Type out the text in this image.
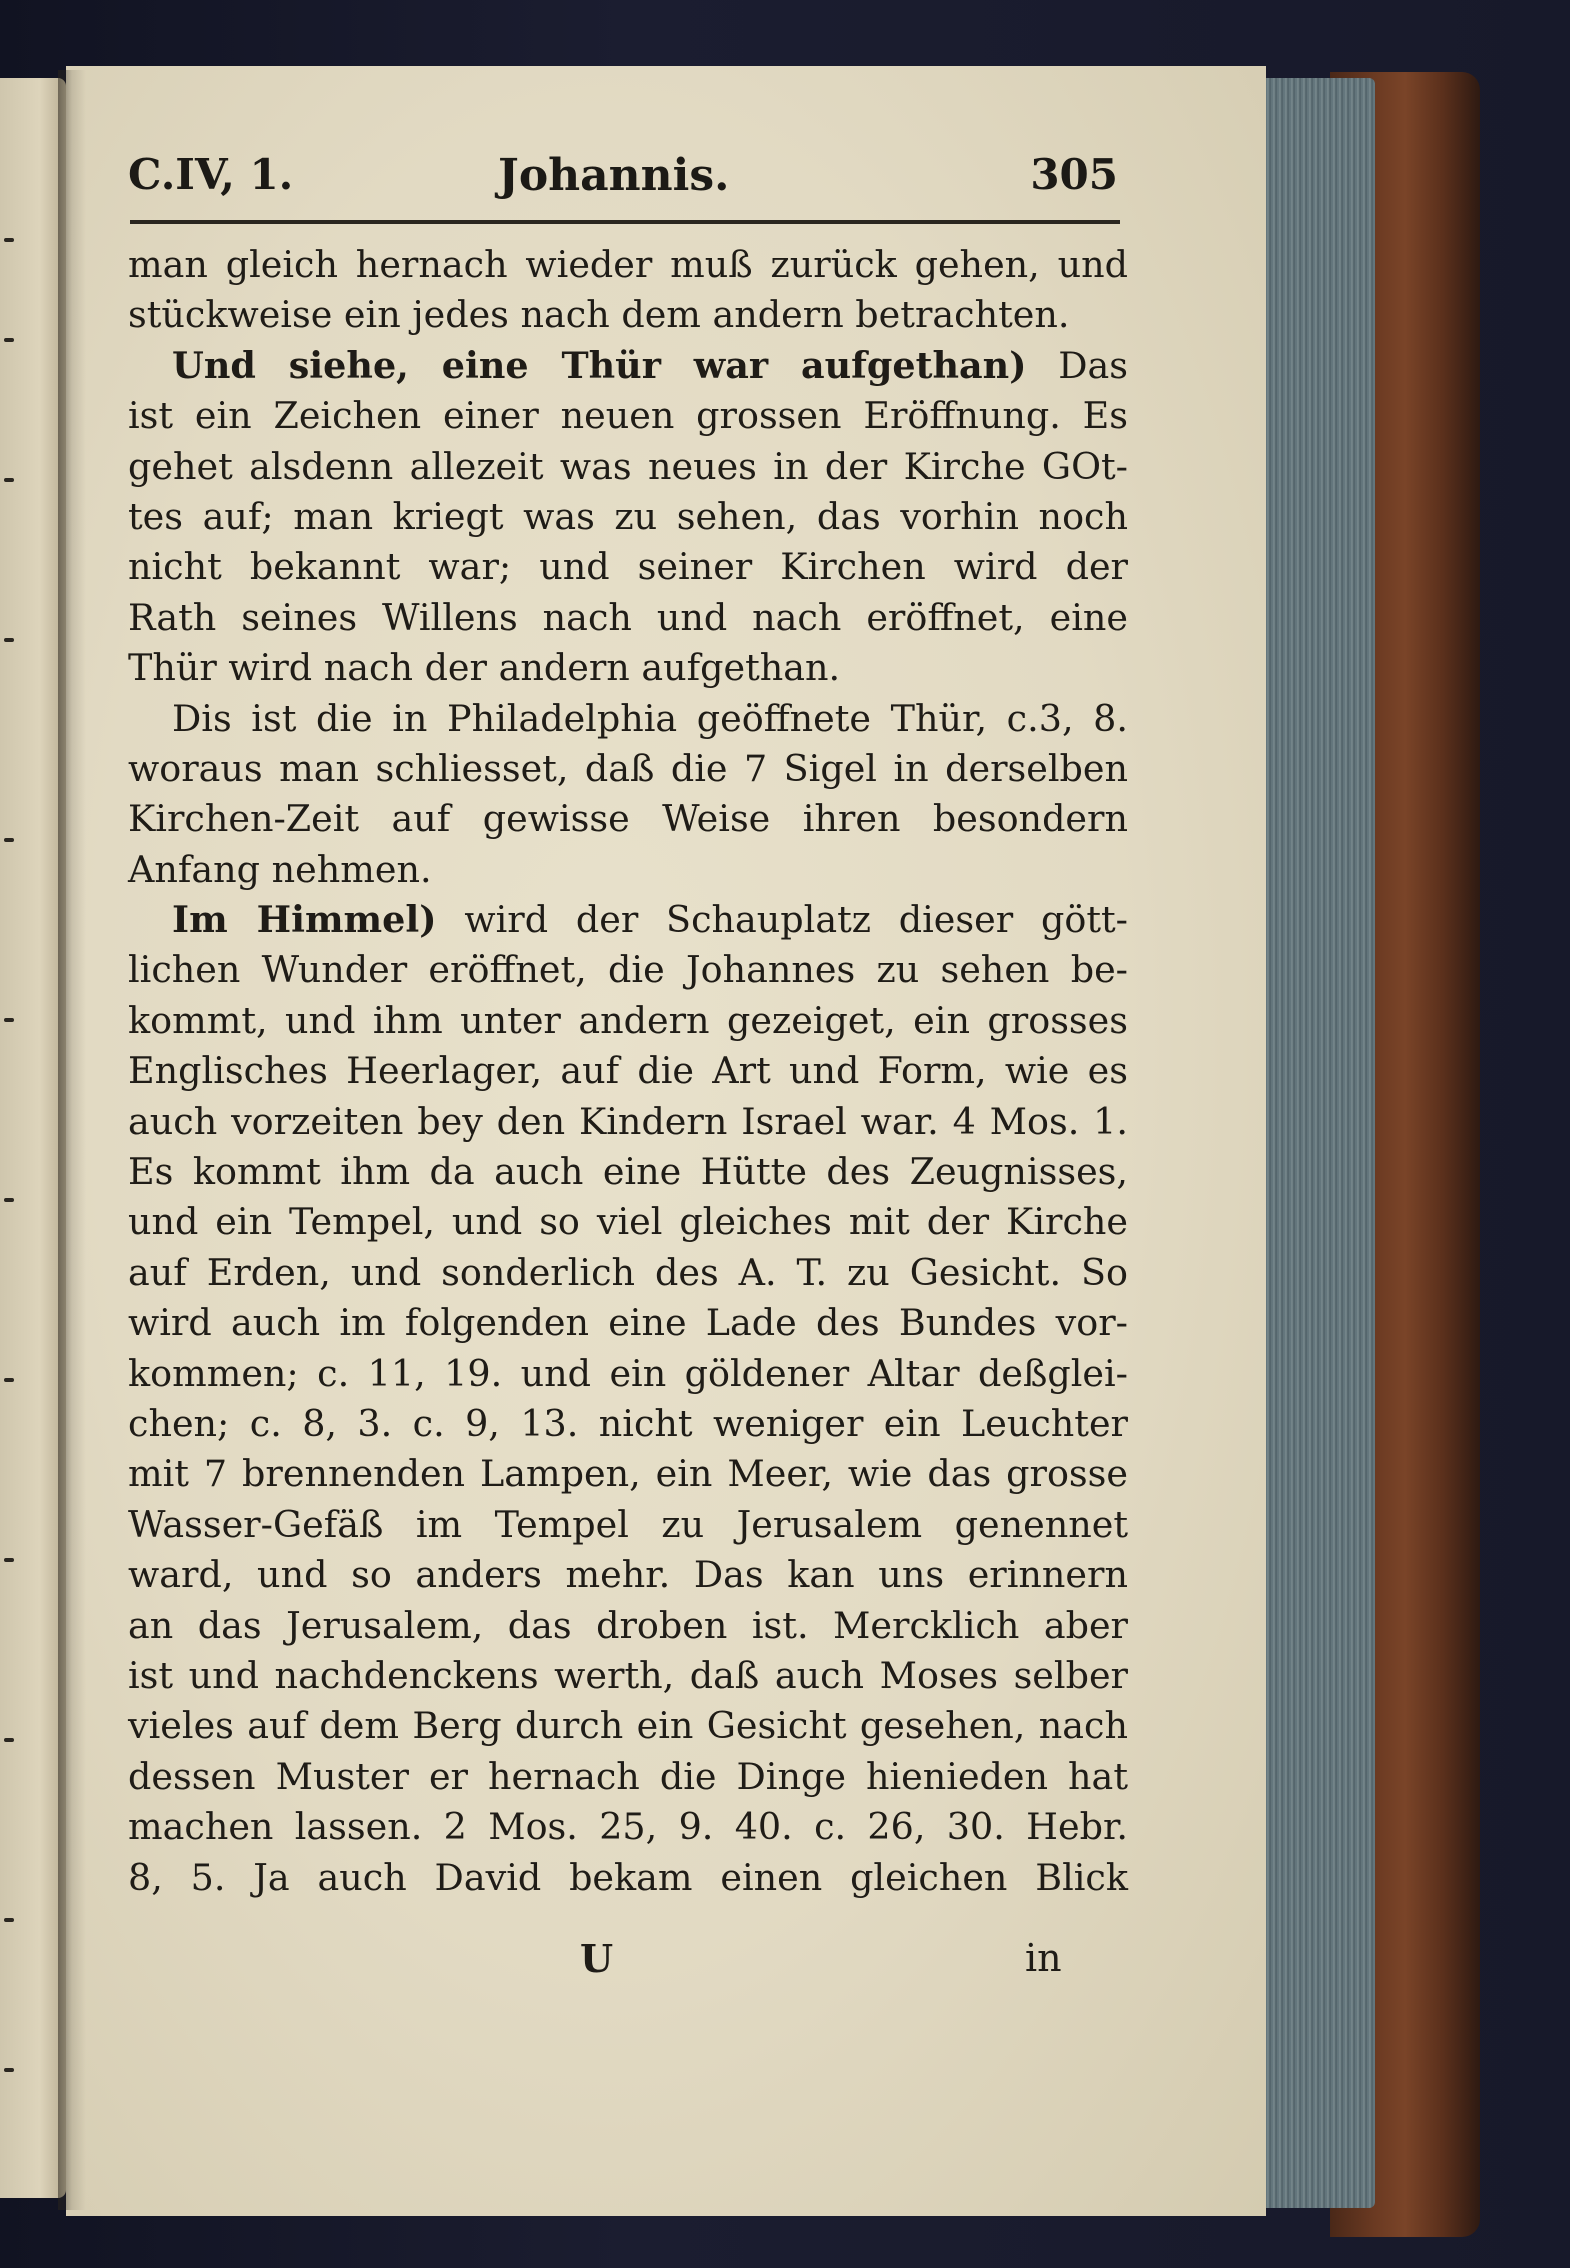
C.IV, 1.	Johannis.	305
man gleich hernach wieder muß zurück gehen, und
stückweise ein jedes nach dem andern betrachten.
Und siehe, eine Thür war aufgethan) Das
ist ein Zeichen einer neuen grossen Eröffnung. Es
gehet alsdenn allezeit was neues in der Kirche GOt-
tes auf; man kriegt was zu sehen, das vorhin noch
nicht bekannt war; und seiner Kirchen wird der
Rath seines Willens nach und nach eröffnet, eine
Thür wird nach der andern aufgethan.
Dis ist die in Philadelphia geöffnete Thür, c.3, 8.
woraus man schliesset, daß die 7 Sigel in derselben
Kirchen-Zeit auf gewisse Weise ihren besondern
Anfang nehmen.
Im Himmel) wird der Schauplatz dieser gött-
lichen Wunder eröffnet, die Johannes zu sehen be-
kommt, und ihm unter andern gezeiget, ein grosses
Englisches Heerlager, auf die Art und Form, wie es
auch vorzeiten bey den Kindern Israel war. 4 Mos. 1.
Es kommt ihm da auch eine Hütte des Zeugnisses,
und ein Tempel, und so viel gleiches mit der Kirche
auf Erden, und sonderlich des A. T. zu Gesicht. So
wird auch im folgenden eine Lade des Bundes vor-
kommen; c. 11, 19. und ein göldener Altar deßglei-
chen; c. 8, 3. c. 9, 13. nicht weniger ein Leuchter
mit 7 brennenden Lampen, ein Meer, wie das grosse
Wasser-Gefäß im Tempel zu Jerusalem genennet
ward, und so anders mehr. Das kan uns erinnern
an das Jerusalem, das droben ist. Mercklich aber
ist und nachdenckens werth, daß auch Moses selber
vieles auf dem Berg durch ein Gesicht gesehen, nach
dessen Muster er hernach die Dinge hienieden hat
machen lassen. 2 Mos. 25, 9. 40. c. 26, 30. Hebr.
8, 5. Ja auch David bekam einen gleichen Blick
U	in
